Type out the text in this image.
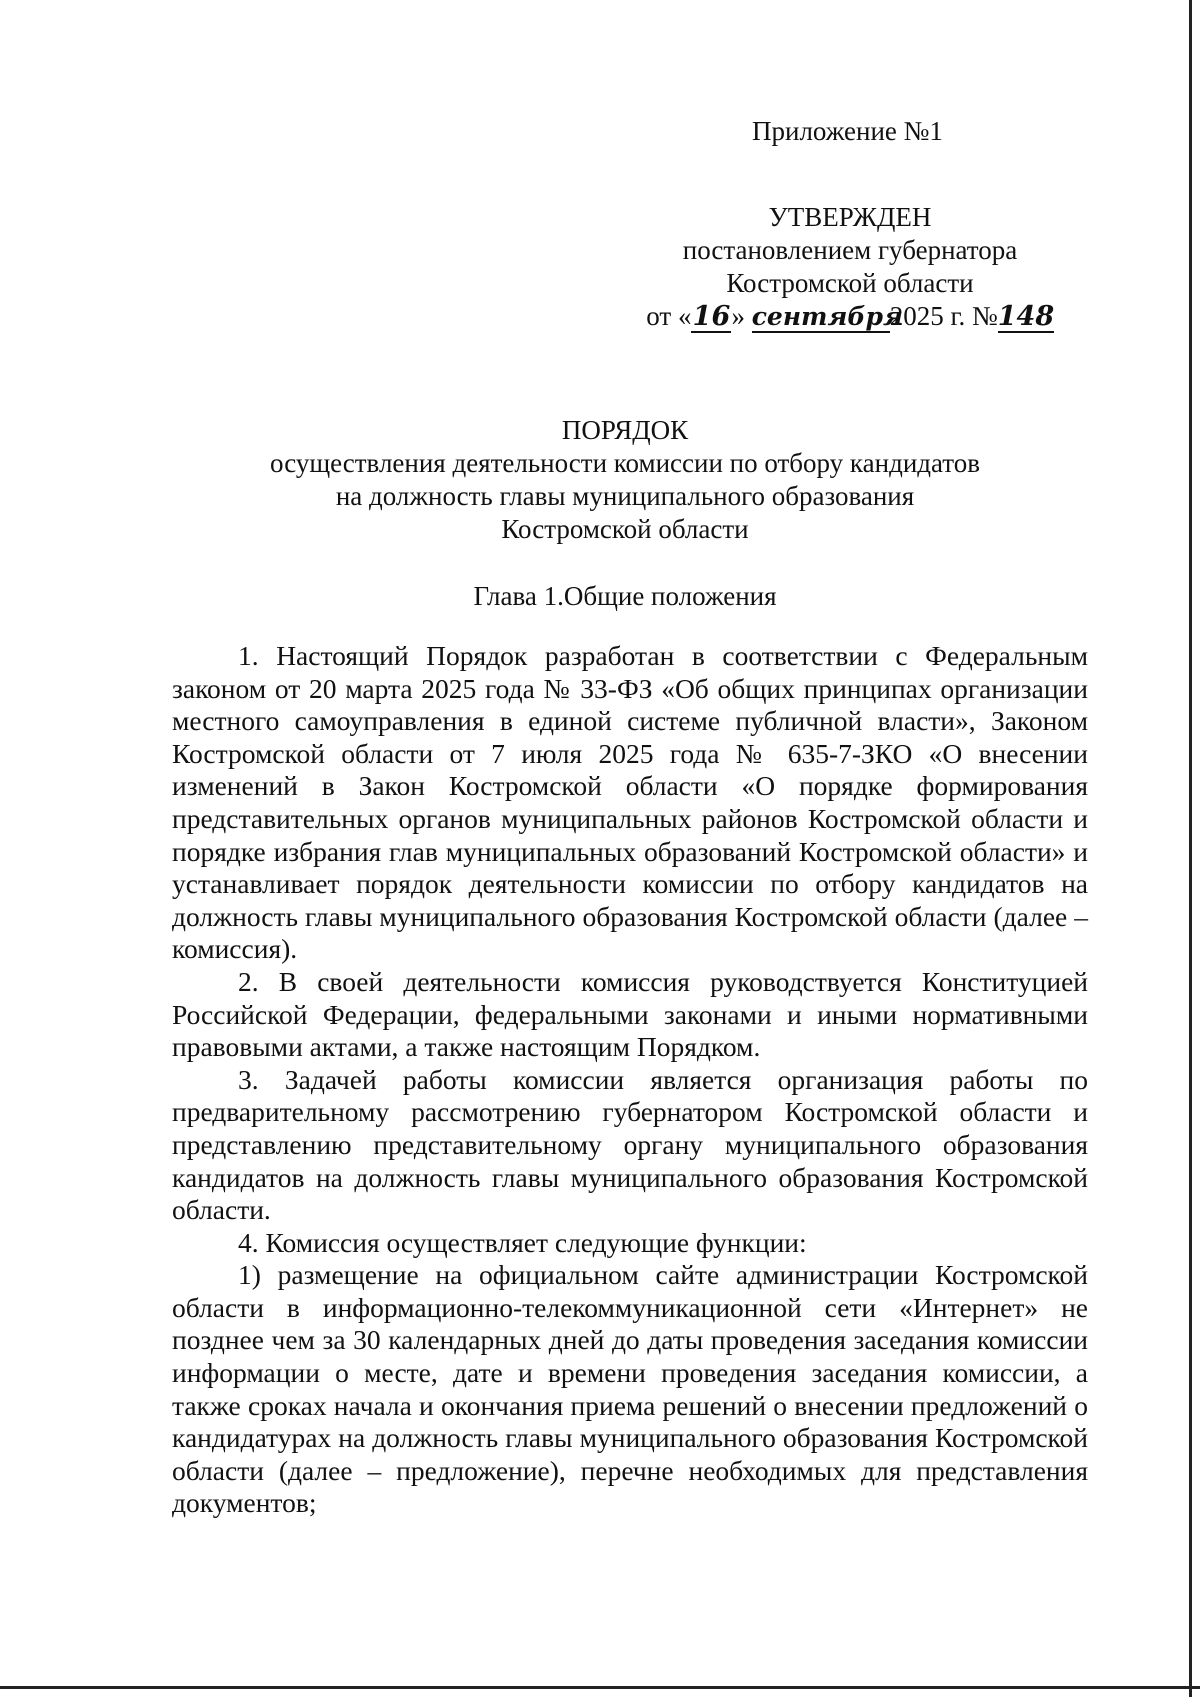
Приложение №1
УТВЕРЖДЕН
постановлением губернатора
Костромской области
от «16» сентября2025 г. №148
ПОРЯДОК
осуществления деятельности комиссии по отбору кандидатов
на должность главы муниципального образования
Костромской области
Глава 1.Общие положения

1. Настоящий Порядок разработан в соответствии с Федеральным законом от 20 марта 2025 года № 33-ФЗ «Об общих принципах организации местного самоуправления в единой системе публичной власти», Законом Костромской области от 7 июля 2025 года № 635-7-ЗКО «О внесении изменений в Закон Костромской области «О порядке формирования представительных органов муниципальных районов Костромской области и порядке избрания глав муниципальных образований Костромской области» и устанавливает порядок деятельности комиссии по отбору кандидатов на должность главы муниципального образования Костромской области (далее – комиссия).

2. В своей деятельности комиссия руководствуется Конституцией Российской Федерации, федеральными законами и иными нормативными правовыми актами, а также настоящим Порядком.

3. Задачей работы комиссии является организация работы по предварительному рассмотрению губернатором Костромской области и представлению представительному органу муниципального образования кандидатов на должность главы муниципального образования Костромской области.

4. Комиссия осуществляет следующие функции:

1) размещение на официальном сайте администрации Костромской области в информационно-телекоммуникационной сети «Интернет» не позднее чем за 30 календарных дней до даты проведения заседания комиссии информации о месте, дате и времени проведения заседания комиссии, а также сроках начала и окончания приема решений о внесении предложений о кандидатурах на должность главы муниципального образования Костромской области (далее – предложение), перечне необходимых для представления документов;
